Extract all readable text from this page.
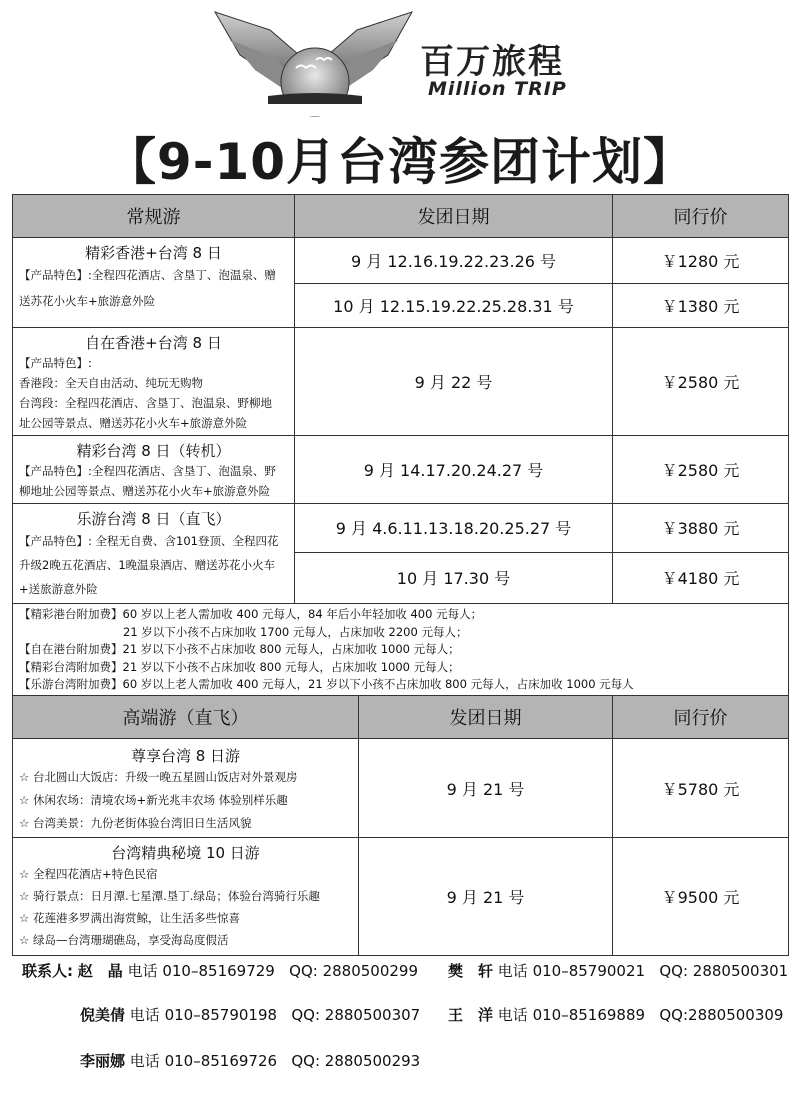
百万旅程
Million TRIP
【9-10月台湾参团计划】
常规游	发团日期	同行价

精彩香港+台湾 8 日
【产品特色】:全程四花酒店、含垦丁、泡温泉、赠
送苏花小火车+旅游意外险	9 月 12.16.19.22.23.26 号	￥1280 元
	10 月 12.15.19.22.25.28.31 号	￥1380 元

自在香港+台湾 8 日
【产品特色】:
香港段：全天自由活动、纯玩无购物
台湾段：全程四花酒店、含垦丁、泡温泉、野柳地
址公园等景点、赠送苏花小火车+旅游意外险	9 月 22 号	￥2580 元

精彩台湾 8 日（转机）
【产品特色】:全程四花酒店、含垦丁、泡温泉、野
柳地址公园等景点、赠送苏花小火车+旅游意外险	9 月 14.17.20.24.27 号	￥2580 元

乐游台湾 8 日（直飞）
【产品特色】: 全程无自费、含101登顶、全程四花
升级2晚五花酒店、1晚温泉酒店、赠送苏花小火车
+送旅游意外险	9 月 4.6.11.13.18.20.25.27 号	￥3880 元
	10 月 17.30 号	￥4180 元

【精彩港台附加费】60 岁以上老人需加收 400 元每人，84 年后小年轻加收 400 元每人；
21 岁以下小孩不占床加收 1700 元每人，占床加收 2200 元每人；
【自在港台附加费】21 岁以下小孩不占床加收 800 元每人，占床加收 1000 元每人；
【精彩台湾附加费】21 岁以下小孩不占床加收 800 元每人，占床加收 1000 元每人；
【乐游台湾附加费】60 岁以上老人需加收 400 元每人，21 岁以下小孩不占床加收 800 元每人，占床加收 1000 元每人		
高端游（直飞）	发团日期	同行价

尊享台湾 8 日游
☆ 台北圆山大饭店：升级一晚五星圆山饭店对外景观房
☆ 休闲农场：清境农场+新光兆丰农场 体验别样乐趣
☆ 台湾美景：九份老街体验台湾旧日生活风貌	9 月 21 号	￥5780 元

台湾精典秘境 10 日游
☆ 全程四花酒店+特色民宿
☆ 骑行景点：日月潭.七星潭.垦丁.绿岛；体验台湾骑行乐趣
☆ 花莲港多罗满出海赏鲸，让生活多些惊喜
☆ 绿岛—台湾珊瑚礁岛，享受海岛度假活	9 月 21 号	￥9500 元
联系人: 赵　晶 电话 010–85169729 QQ: 2880500299 樊　轩 电话 010–85790021 QQ: 2880500301
倪美倩 电话 010–85790198 QQ: 2880500307 王　洋 电话 010–85169889 QQ:2880500309
李丽娜 电话 010–85169726 QQ: 2880500293
